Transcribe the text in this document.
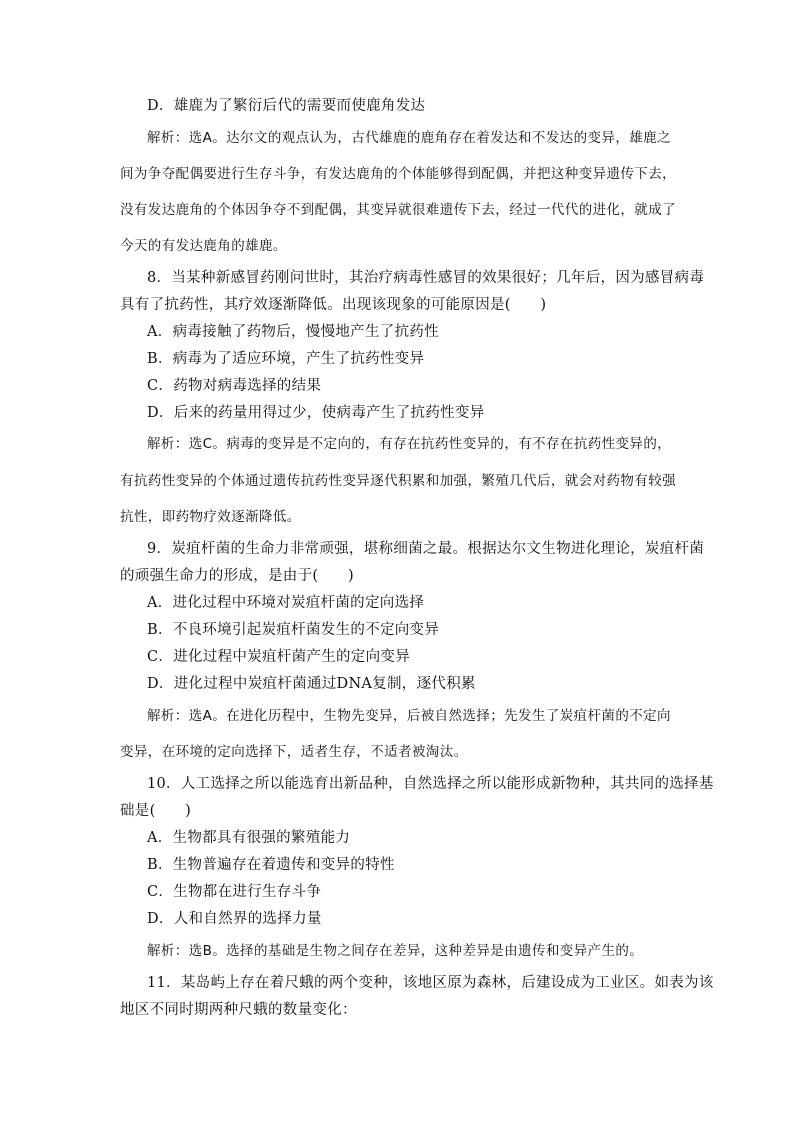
D．雄鹿为了繁衍后代的需要而使鹿角发达
解析：选A。达尔文的观点认为，古代雄鹿的鹿角存在着发达和不发达的变异，雄鹿之
间为争夺配偶要进行生存斗争，有发达鹿角的个体能够得到配偶，并把这种变异遗传下去，
没有发达鹿角的个体因争夺不到配偶，其变异就很难遗传下去，经过一代代的进化，就成了
今天的有发达鹿角的雄鹿。
8．当某种新感冒药刚问世时，其治疗病毒性感冒的效果很好；几年后，因为感冒病毒
具有了抗药性，其疗效逐渐降低。出现该现象的可能原因是(　　)
A．病毒接触了药物后，慢慢地产生了抗药性
B．病毒为了适应环境，产生了抗药性变异
C．药物对病毒选择的结果
D．后来的药量用得过少，使病毒产生了抗药性变异
解析：选C。病毒的变异是不定向的，有存在抗药性变异的，有不存在抗药性变异的，
有抗药性变异的个体通过遗传抗药性变异逐代积累和加强，繁殖几代后，就会对药物有较强
抗性，即药物疗效逐渐降低。
9．炭疽杆菌的生命力非常顽强，堪称细菌之最。根据达尔文生物进化理论，炭疽杆菌
的顽强生命力的形成，是由于(　　)
A．进化过程中环境对炭疽杆菌的定向选择
B．不良环境引起炭疽杆菌发生的不定向变异
C．进化过程中炭疽杆菌产生的定向变异
D．进化过程中炭疽杆菌通过DNA复制，逐代积累
解析：选A。在进化历程中，生物先变异，后被自然选择；先发生了炭疽杆菌的不定向
变异，在环境的定向选择下，适者生存，不适者被淘汰。
10．人工选择之所以能选育出新品种，自然选择之所以能形成新物种，其共同的选择基
础是(　　)
A．生物都具有很强的繁殖能力
B．生物普遍存在着遗传和变异的特性
C．生物都在进行生存斗争
D．人和自然界的选择力量
解析：选B。选择的基础是生物之间存在差异，这种差异是由遗传和变异产生的。
11．某岛屿上存在着尺蛾的两个变种，该地区原为森林，后建设成为工业区。如表为该
地区不同时期两种尺蛾的数量变化：
